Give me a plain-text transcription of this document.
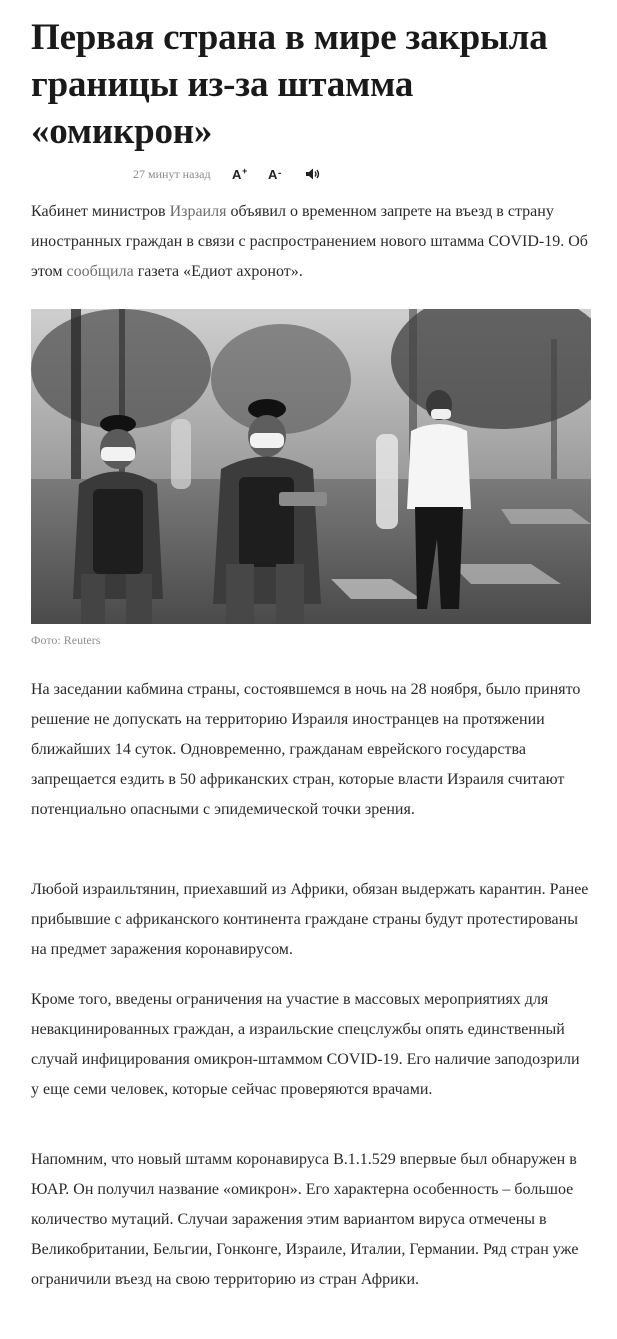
Первая страна в мире закрыла границы из-за штамма «омикрон»
27 минут назад A + A -

Кабинет министров Израиля объявил о временном запрете на въезд в страну иностранных граждан в связи с распространением нового штамма COVID-19. Об этом сообщила газета «Едиот ахронот».

Фото: Reuters

На заседании кабмина страны, состоявшемся в ночь на 28 ноября, было принято решение не допускать на территорию Израиля иностранцев на протяжении ближайших 14 суток. Одновременно, гражданам еврейского государства запрещается ездить в 50 африканских стран, которые власти Израиля считают потенциально опасными с эпидемической точки зрения.

Любой израильтянин, приехавший из Африки, обязан выдержать карантин. Ранее прибывшие с африканского континента граждане страны будут протестированы на предмет заражения коронавирусом.

Кроме того, введены ограничения на участие в массовых мероприятиях для невакцинированных граждан, а израильские спецслужбы опять единственный случай инфицирования омикрон-штаммом COVID-19. Его наличие заподозрили у еще семи человек, которые сейчас проверяются врачами.

Напомним, что новый штамм коронавируса B.1.1.529 впервые был обнаружен в ЮАР. Он получил название «омикрон». Его характерна особенность – большое количество мутаций. Случаи заражения этим вариантом вируса отмечены в Великобритании, Бельгии, Гонконге, Израиле, Италии, Германии. Ряд стран уже ограничили въезд на свою территорию из стран Африки.
